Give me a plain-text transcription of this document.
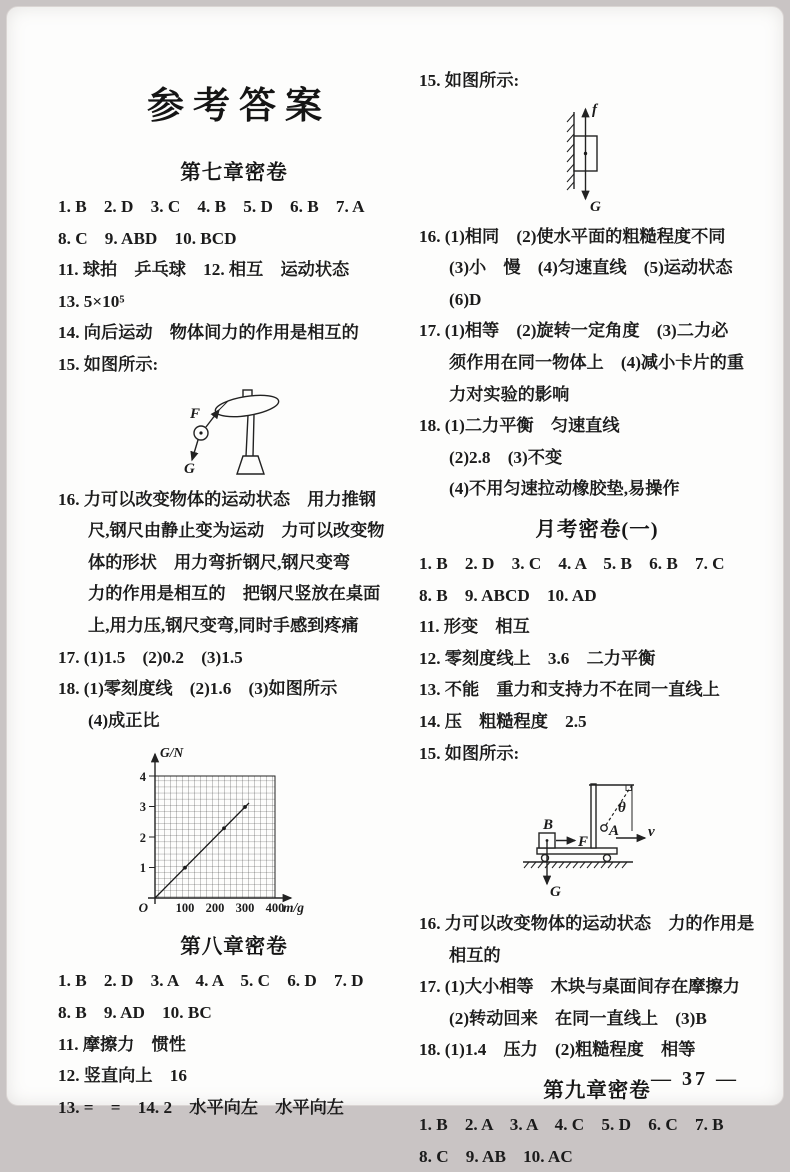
参考答案
第七章密卷
1. B　2. D　3. C　4. B　5. D　6. B　7. A
8. C　9. ABD　10. BCD
11. 球拍　乒乓球　12. 相互　运动状态
13. 5×10⁵
14. 向后运动　物体间力的作用是相互的
15. 如图所示:
F
G
16. 力可以改变物体的运动状态　用力推钢
尺,钢尺由静止变为运动　力可以改变物
体的形状　用力弯折钢尺,钢尺变弯
力的作用是相互的　把钢尺竖放在桌面
上,用力压,钢尺变弯,同时手感到疼痛
17. (1)1.5　(2)0.2　(3)1.5
18. (1)零刻度线　(2)1.6　(3)如图所示
(4)成正比
4
3
2
1
O 100 200 300 400
G/N
m/g
第八章密卷
1. B　2. D　3. A　4. A　5. C　6. D　7. D
8. B　9. AD　10. BC
11. 摩擦力　惯性
12. 竖直向上　16
13. =　=　14. 2　水平向左　水平向左
15. 如图所示:
f
G
16. (1)相同　(2)使水平面的粗糙程度不同
(3)小　慢　(4)匀速直线　(5)运动状态
(6)D
17. (1)相等　(2)旋转一定角度　(3)二力必
须作用在同一物体上　(4)减小卡片的重
力对实验的影响
18. (1)二力平衡　匀速直线
(2)2.8　(3)不变
(4)不用匀速拉动橡胶垫,易操作
月考密卷(一)
1. B　2. D　3. C　4. A　5. B　6. B　7. C
8. B　9. ABCD　10. AD
11. 形变　相互
12. 零刻度线上　3.6　二力平衡
13. 不能　重力和支持力不在同一直线上
14. 压　粗糙程度　2.5
15. 如图所示:
B
F
G
A
θ
v
16. 力可以改变物体的运动状态　力的作用是
相互的
17. (1)大小相等　木块与桌面间存在摩擦力
(2)转动回来　在同一直线上　(3)B
18. (1)1.4　压力　(2)粗糙程度　相等
第九章密卷
1. B　2. A　3. A　4. C　5. D　6. C　7. B
8. C　9. AB　10. AC
— 37 —
